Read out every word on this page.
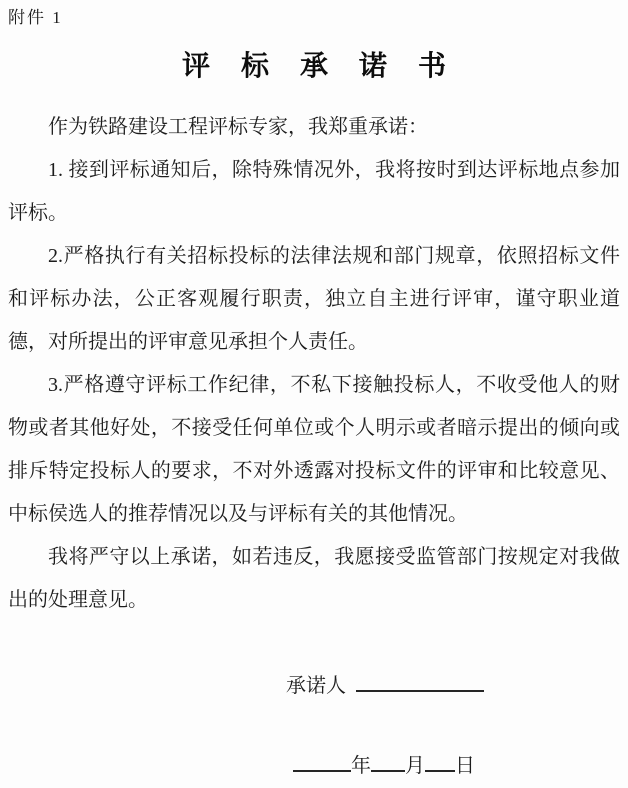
附件 1
评 标 承 诺 书

作为铁路建设工程评标专家，我郑重承诺：

1. 接到评标通知后，除特殊情况外，我将按时到达评标地点参加评标。

2.严格执行有关招标投标的法律法规和部门规章，依照招标文件和评标办法，公正客观履行职责，独立自主进行评审，谨守职业道德，对所提出的评审意见承担个人责任。

3.严格遵守评标工作纪律，不私下接触投标人，不收受他人的财物或者其他好处，不接受任何单位或个人明示或者暗示提出的倾向或排斥特定投标人的要求，不对外透露对投标文件的评审和比较意见、中标侯选人的推荐情况以及与评标有关的其他情况。

我将严守以上承诺，如若违反，我愿接受监管部门按规定对我做出的处理意见。

承诺人
年 月 日
